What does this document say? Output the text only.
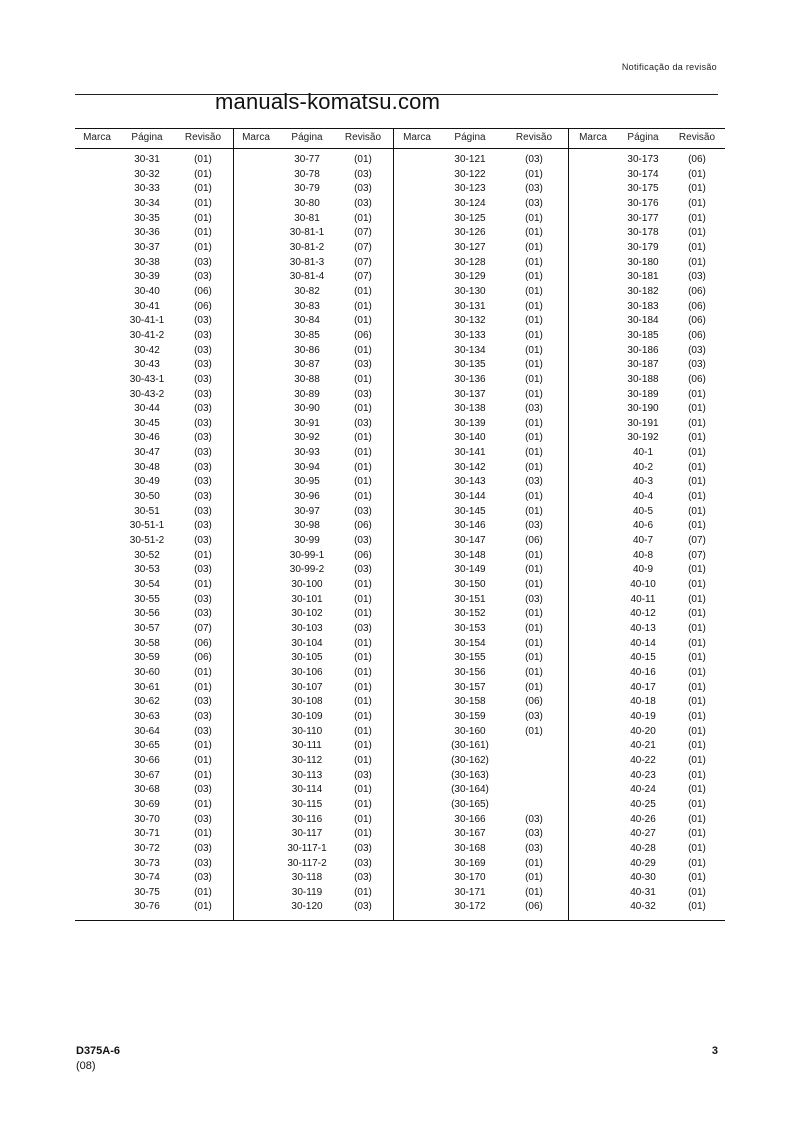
Notificação da revisão
manuals-komatsu.com
Marca Página Revisão Marca Página Revisão Marca Página	Revisão	Marca Página Revisão
30-31	(01)	30-77	(01)	30-121	(03)	30-173	(06)
30-32	(01)	30-78	(03)	30-122	(01)	30-174	(01)
30-33	(01)	30-79	(03)	30-123	(03)	30-175	(01)
30-34	(01)	30-80	(03)	30-124	(03)	30-176	(01)
30-35	(01)	30-81	(01)	30-125	(01)	30-177	(01)
30-36	(01)	30-81-1	(07)	30-126	(01)	30-178	(01)
30-37	(01)	30-81-2	(07)	30-127	(01)	30-179	(01)
30-38	(03)	30-81-3	(07)	30-128	(01)	30-180	(01)
30-39	(03)	30-81-4	(07)	30-129	(01)	30-181	(03)
30-40	(06)	30-82	(01)	30-130	(01)	30-182	(06)
30-41	(06)	30-83	(01)	30-131	(01)	30-183	(06)
30-41-1	(03)	30-84	(01)	30-132	(01)	30-184	(06)
30-41-2	(03)	30-85	(06)	30-133	(01)	30-185	(06)
30-42	(03)	30-86	(01)	30-134	(01)	30-186	(03)
30-43	(03)	30-87	(03)	30-135	(01)	30-187	(03)
30-43-1	(03)	30-88	(01)	30-136	(01)	30-188	(06)
30-43-2	(03)	30-89	(03)	30-137	(01)	30-189	(01)
30-44	(03)	30-90	(01)	30-138	(03)	30-190	(01)
30-45	(03)	30-91	(03)	30-139	(01)	30-191	(01)
30-46	(03)	30-92	(01)	30-140	(01)	30-192	(01)
30-47	(03)	30-93	(01)	30-141	(01)	40-1	(01)
30-48	(03)	30-94	(01)	30-142	(01)	40-2	(01)
30-49	(03)	30-95	(01)	30-143	(03)	40-3	(01)
30-50	(03)	30-96	(01)	30-144	(01)	40-4	(01)
30-51	(03)	30-97	(03)	30-145	(01)	40-5	(01)
30-51-1	(03)	30-98	(06)	30-146	(03)	40-6	(01)
30-51-2	(03)	30-99	(03)	30-147	(06)	40-7	(07)
30-52	(01)	30-99-1	(06)	30-148	(01)	40-8	(07)
30-53	(03)	30-99-2	(03)	30-149	(01)	40-9	(01)
30-54	(01)	30-100	(01)	30-150	(01)	40-10	(01)
30-55	(03)	30-101	(01)	30-151	(03)	40-11	(01)
30-56	(03)	30-102	(01)	30-152	(01)	40-12	(01)
30-57	(07)	30-103	(03)	30-153	(01)	40-13	(01)
30-58	(06)	30-104	(01)	30-154	(01)	40-14	(01)
30-59	(06)	30-105	(01)	30-155	(01)	40-15	(01)
30-60	(01)	30-106	(01)	30-156	(01)	40-16	(01)
30-61	(01)	30-107	(01)	30-157	(01)	40-17	(01)
30-62	(03)	30-108	(01)	30-158	(06)	40-18	(01)
30-63	(03)	30-109	(01)	30-159	(03)	40-19	(01)
30-64	(03)	30-110	(01)	30-160	(01)	40-20	(01)
30-65	(01)	30-111	(01)	(30-161)	40-21	(01)
30-66	(01)	30-112	(01)	(30-162)	40-22	(01)
30-67	(01)	30-113	(03)	(30-163)	40-23	(01)
30-68	(03)	30-114	(01)	(30-164)	40-24	(01)
30-69	(01)	30-115	(01)	(30-165)	40-25	(01)
30-70	(03)	30-116	(01)	30-166	(03)	40-26	(01)
30-71	(01)	30-117	(01)	30-167	(03)	40-27	(01)
30-72	(03)	30-117-1	(03)	30-168	(03)	40-28	(01)
30-73	(03)	30-117-2	(03)	30-169	(01)	40-29	(01)
30-74	(03)	30-118	(03)	30-170	(01)	40-30	(01)
30-75	(01)	30-119	(01)	30-171	(01)	40-31	(01)
30-76	(01)	30-120	(03)	30-172	(06)	40-32	(01)
D375A-6
(08)
3
